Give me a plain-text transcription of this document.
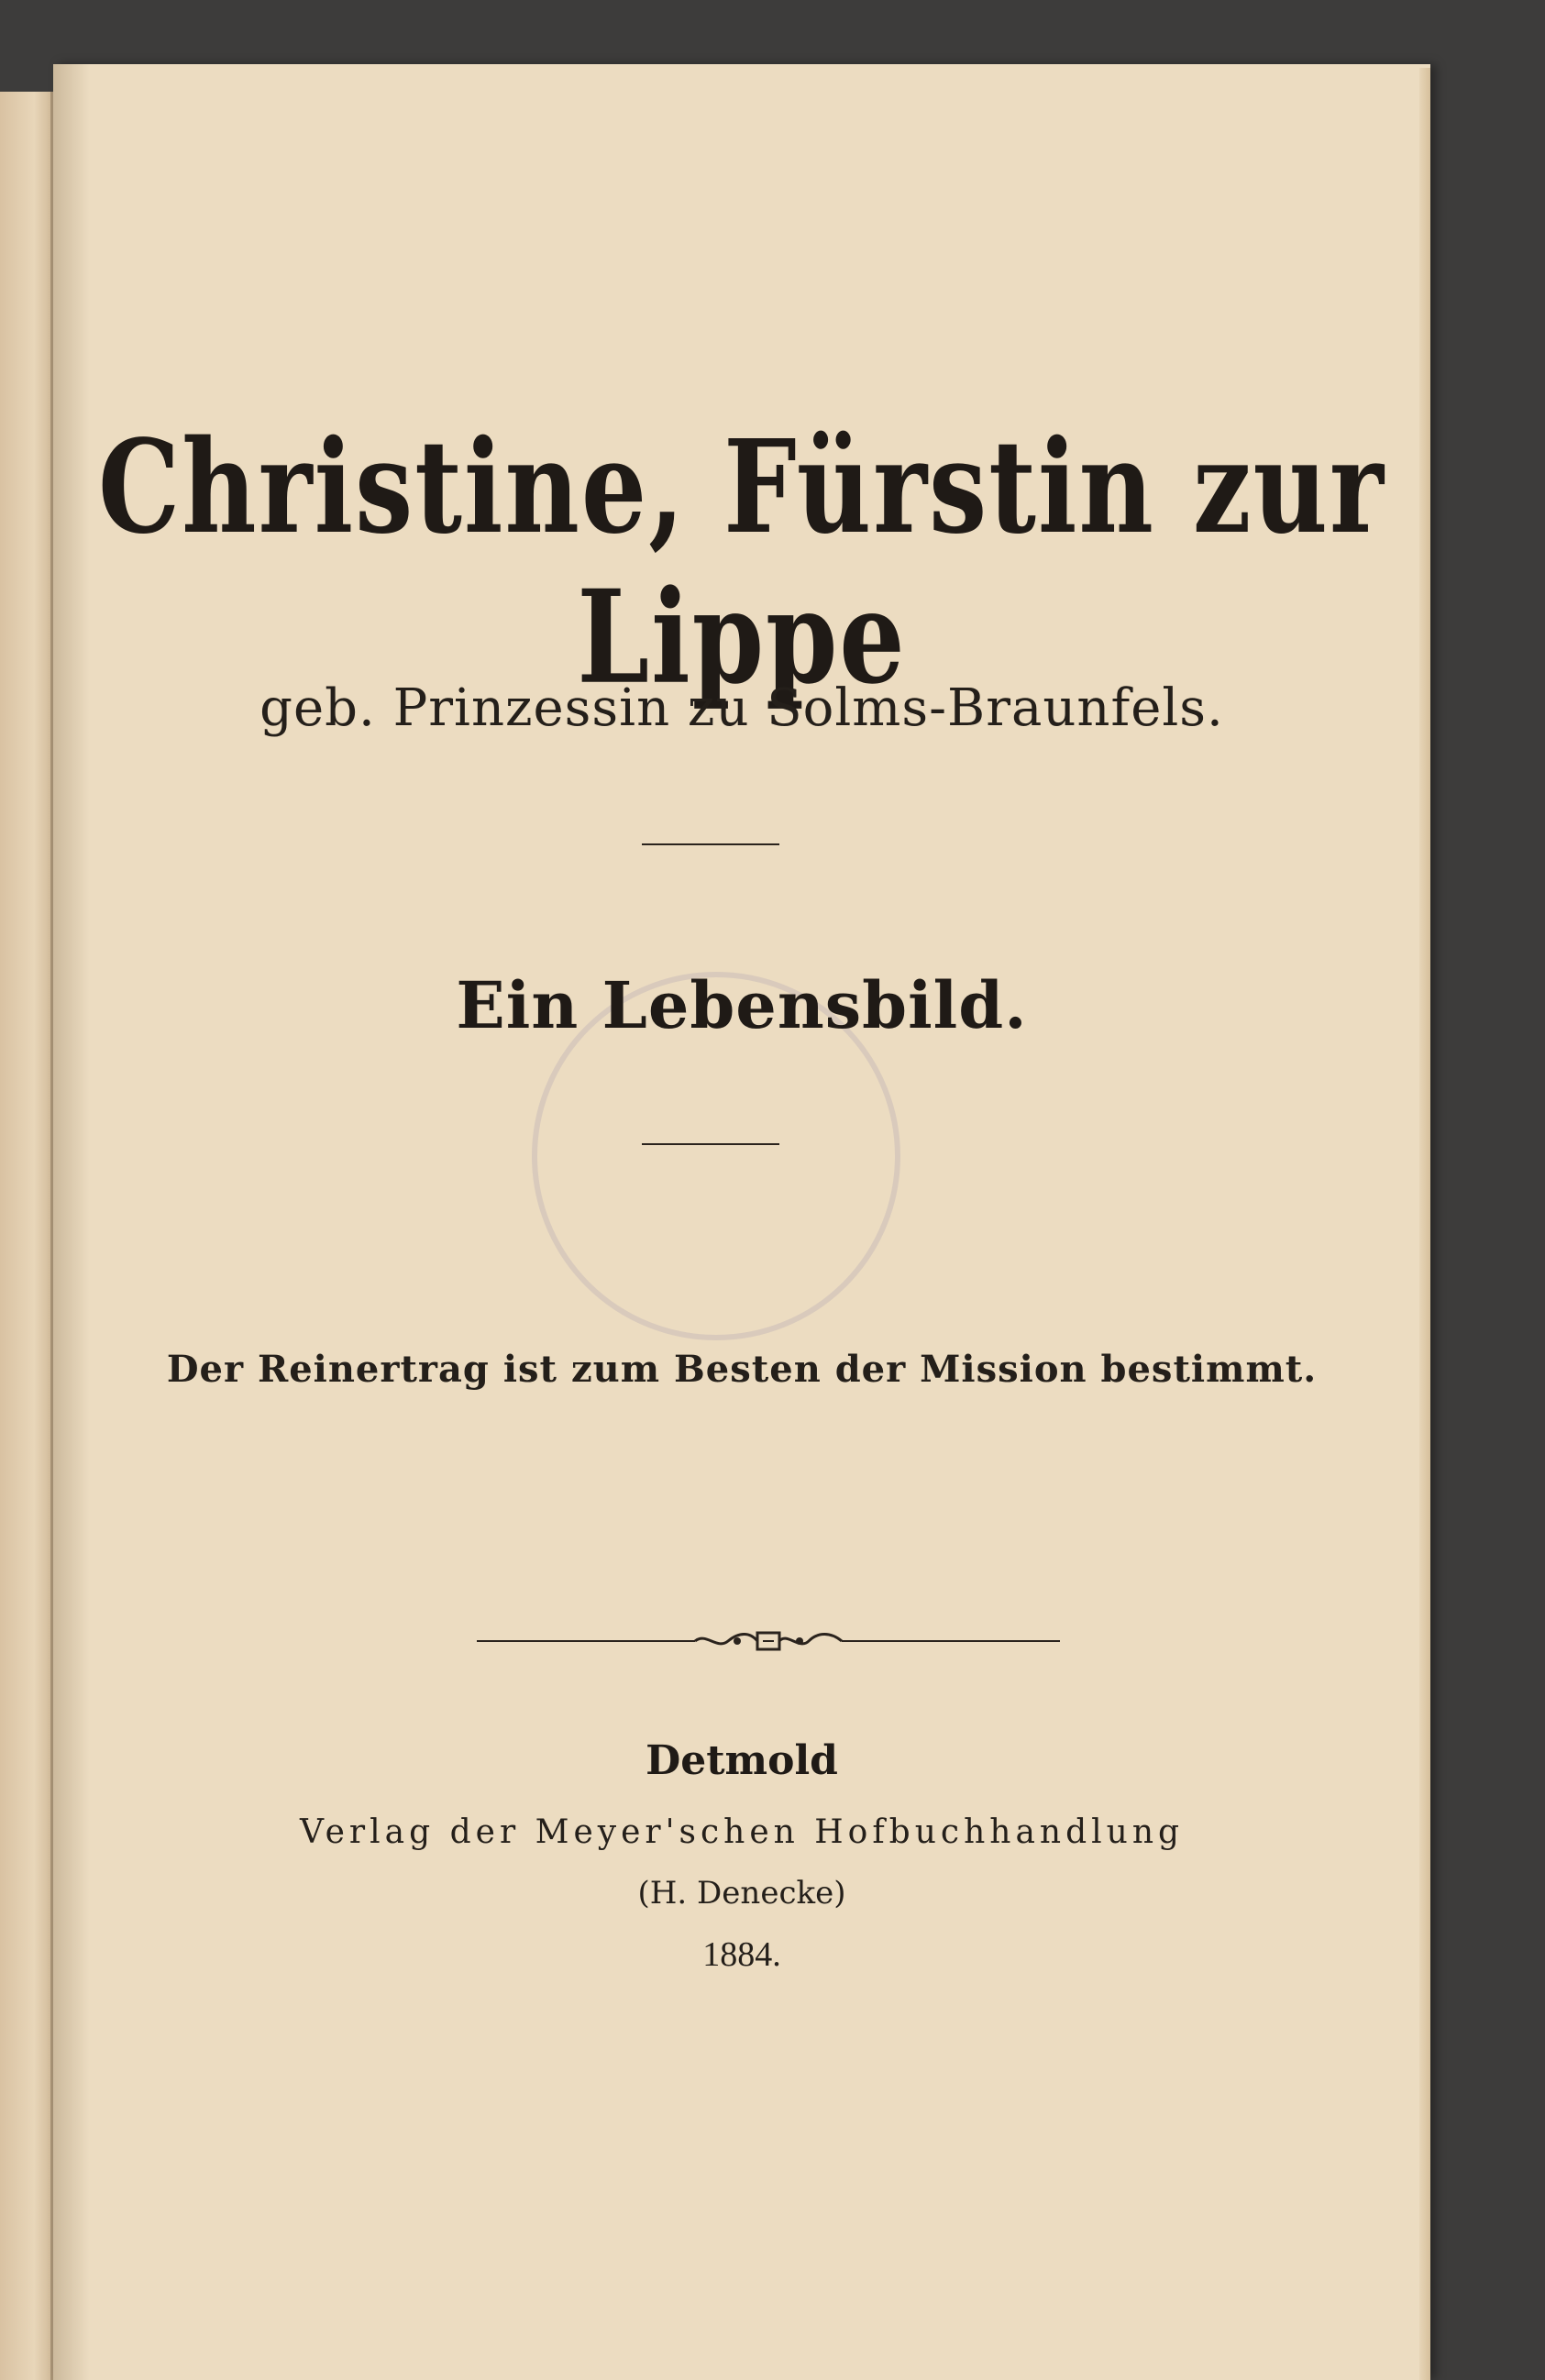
Christine, Fürstin zur Lippe
geb. Prinzessin zu Solms-Braunfels.
Ein Lebensbild.
Der Reinertrag ist zum Besten der Mission bestimmt.
Detmold
Verlag der Meyer'schen Hofbuchhandlung
(H. Denecke)
1884.
